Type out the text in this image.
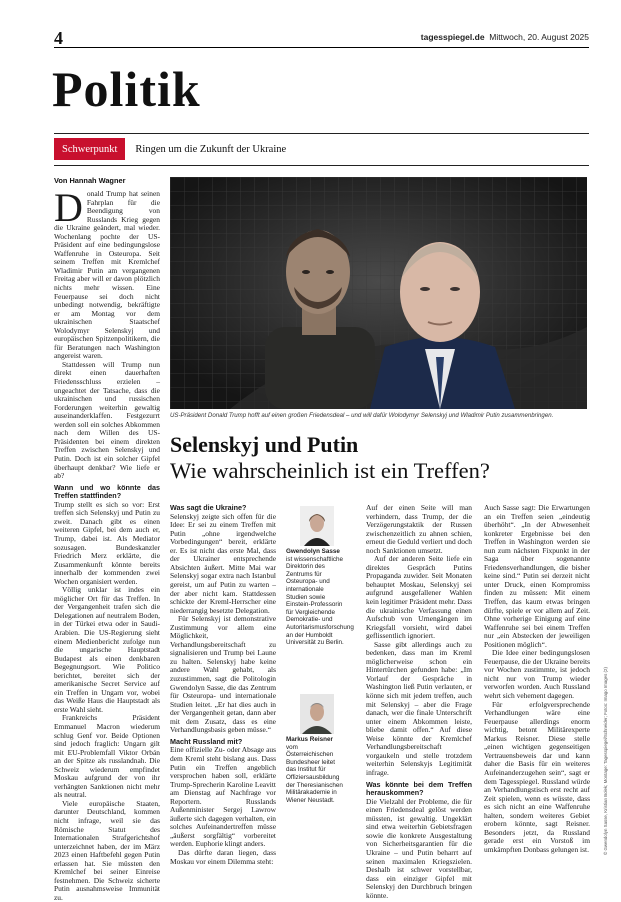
4	tagesspiegel.de Mittwoch, 20. August 2025
Politik
Schwerpunkt	Ringen um die Zukunft der Ukraine
Von Hannah Wagner

Donald Trump hat seinen Fahrplan für die Beendigung von Russlands Krieg gegen die Ukraine geändert, mal wieder. Wochenlang pochte der US-Präsident auf eine bedingungslose Waffenruhe in Osteuropa. Seit seinem Treffen mit Kremlchef Wladimir Putin am vergangenen Freitag aber will er davon plötzlich nichts mehr wissen. Eine Feuerpause sei doch nicht unbedingt notwendig, bekräftigte er am Montag vor dem ukrainischen Staatschef Wolodymyr Selenskyj und europäischen Spitzenpolitikern, die für Beratungen nach Washington angereist waren.

Stattdessen will Trump nun direkt einen dauerhaften Friedensschluss erzielen – ungeachtet der Tatsache, dass die ukrainischen und russischen Forderungen weiterhin gewaltig auseinanderklaffen. Festgezurrt werden soll ein solches Abkommen nach dem Willen des US-Präsidenten bei einem direkten Treffen zwischen Selenskyj und Putin. Doch ist ein solcher Gipfel überhaupt denkbar? Wie liefe er ab?

Wann und wo könnte das Treffen stattfinden?

Trump stellt es sich so vor: Erst treffen sich Selenskyj und Putin zu zweit. Danach gibt es einen weiteren Gipfel, bei dem auch er, Trump, dabei ist. Als Mediator sozusagen. Bundeskanzler Friedrich Merz erklärte, die Zusammenkunft könnte bereits innerhalb der kommenden zwei Wochen organisiert werden.

Völlig unklar ist indes ein möglicher Ort für das Treffen. In der Vergangenheit trafen sich die Delegationen auf neutralem Boden, in der Türkei etwa oder in Saudi-Arabien. Die US-Regierung sieht einem Medienbericht zufolge nun die ungarische Hauptstadt Budapest als einen denkbaren Begegnungsort. Wie Politico berichtet, bereitet sich der amerikanische Secret Service auf ein Treffen in Ungarn vor, wobei das Weiße Haus die Hauptstadt als erste Wahl sieht.

Frankreichs Präsident Emmanuel Macron wiederum schlug Genf vor. Beide Optionen sind jedoch fraglich: Ungarn gilt mit EU-Problemfall Viktor Orbán an der Spitze als russlandnah. Die Schweiz wiederum empfindet Moskau aufgrund der von ihr verhängten Sanktionen nicht mehr als neutral.

Viele europäische Staaten, darunter Deutschland, kommen nicht infrage, weil sie das Römische Statut des Internationalen Strafgerichtshof unterzeichnet haben, der im März 2023 einen Haftbefehl gegen Putin erlassen hat. Sie müssten den Kremlchef bei seiner Einreise festnehmen. Die Schweiz sicherte Putin ausnahmsweise Immunität zu.

US-Präsident Donald Trump hofft auf einen großen Friedensdeal – und will dafür Wolodymyr Selenskyj und Wladimir Putin zusammenbringen.
Selenskyj und Putin
Wie wahrscheinlich ist ein Treffen?
Was sagt die Ukraine?

Selenskyj zeigte sich offen für die Idee: Er sei zu einem Treffen mit Putin „ohne irgendwelche Vorbedingungen“ bereit, erklärte er. Es ist nicht das erste Mal, dass der Ukrainer entsprechende Absichten äußert. Mitte Mai war Selenskyj sogar extra nach Istanbul gereist, um auf Putin zu warten – der aber nicht kam. Stattdessen schickte der Kreml-Herrscher eine niederrangig besetzte Delegation.

Für Selenskyj ist demonstrative Zustimmung vor allem eine Möglichkeit, Verhandlungsbereitschaft zu signalisieren und Trump bei Laune zu halten. Selenskyj habe keine andere Wahl gehabt, als zuzustimmen, sagt die Politologin Gwendolyn Sasse, die das Zentrum für Osteuropa- und internationale Studien leitet. „Er hat dies auch in der Vergangenheit getan, dann aber mit dem Zusatz, dass es eine Verhandlungsbasis geben müsse.“

Macht Russland mit?

Eine offizielle Zu- oder Absage aus dem Kreml steht bislang aus. Dass Putin ein Treffen angeblich versprochen haben soll, erklärte Trump-Sprecherin Karoline Leavitt am Dienstag auf Nachfrage vor Reportern. Russlands Außenminister Sergej Lawrow äußerte sich dagegen verhalten, ein solches Aufeinandertreffen müsse „äußerst sorgfältig“ vorbereitet werden. Euphorie klingt anders.

Das dürfte daran liegen, dass Moskau vor einem Dilemma steht:

Gwendolyn Sasse ist wissenschaftliche Direktorin des Zentrums für Osteuropa- und internationale Studien sowie Einstein-Professorin für Vergleichende Demokratie- und Autoritarismusforschung an der Humboldt Universität zu Berlin.
Markus Reisner vom Österreichischen Bundesheer leitet das Institut für Offiziersausbildung der Theresianischen Militärakademie in Wiener Neustadt.

Auf der einen Seite will man verhindern, dass Trump, der die Verzögerungstaktik der Russen zwischenzeitlich zu ahnen schien, erneut die Geduld verliert und doch noch Sanktionen umsetzt.

Auf der anderen Seite liefe ein direktes Gespräch Putins Propaganda zuwider. Seit Monaten behauptet Moskau, Selenskyj sei aufgrund ausgefallener Wahlen kein legitimer Präsident mehr. Dass die ukrainische Verfassung einen Aufschub von Urnengängen im Kriegsfall vorsieht, wird dabei geflissentlich ignoriert.

Sasse gibt allerdings auch zu bedenken, dass man im Kreml möglicherweise schon ein Hintertürchen gefunden habe: „Im Vorlauf der Gespräche in Washington ließ Putin verlauten, er könne sich mit jedem treffen, auch mit Selenskyj – aber die Frage danach, wer die finale Unterschrift unter einem Abkommen leiste, bliebe damit offen.“ Auf diese Weise könnte der Kremlchef Verhandlungsbereitschaft vorgaukeln und stelle trotzdem weiterhin Selenskyjs Legitimität infrage.

Was könnte bei dem Treffen herauskommen?

Die Vielzahl der Probleme, die für einen Friedensdeal gelöst werden müssten, ist gewaltig. Ungeklärt sind etwa weiterhin Gebietsfragen sowie die konkrete Ausgestaltung von Sicherheitsgarantien für die Ukraine – und Putin beharrt auf seinen maximalen Kriegszielen. Deshalb ist schwer vorstellbar, dass ein einziger Gipfel mit Selenskyj den Durchbruch bringen könnte.

Auch Sasse sagt: Die Erwartungen an ein Treffen seien „eindeutig überhöht“. „In der Abwesenheit konkreter Ergebnisse bei den Treffen in Washington werden sie nun zum nächsten Fixpunkt in der Saga über sogenannte Friedensverhandlungen, die bisher keine sind.“ Putin sei derzeit nicht unter Druck, einen Kompromiss finden zu müssen: Mit einem Treffen, das kaum etwas bringen dürfte, spiele er vor allem auf Zeit. Ohne vorherige Einigung auf eine Waffenruhe sei bei einem Treffen nur „ein Abstecken der jeweiligen Positionen möglich“.

Die Idee einer bedingungslosen Feuerpause, die der Ukraine bereits vor Wochen zustimmte, ist jedoch nicht nur von Trump wieder verworfen worden. Auch Russland wehrt sich vehement dagegen.

Für erfolgversprechende Verhandlungen wäre eine Feuerpause allerdings enorm wichtig, betont Militärexperte Markus Reisner. Diese stelle „einen wichtigen gegenseitigen Vertrauensbeweis dar und kann daher die Basis für ein weiteres Aufeinanderzugehen sein“, sagt er dem Tagesspiegel. Russland würde an Verhandlungstisch erst recht auf Zeit spielen, wenn es wüsste, dass es sich nicht an eine Waffenruhe halten, sondern weiteres Gebiet erobern könnte, sagt Reisner. Besonders jetzt, da Russland gerade erst ein Vorstoß im umkämpften Donbass gelungen ist.	© Gwendolyn Sasse, Kristian Bolek; Montage: Tagesspiegel/Schneider; Fotos: Imago Images (2)
